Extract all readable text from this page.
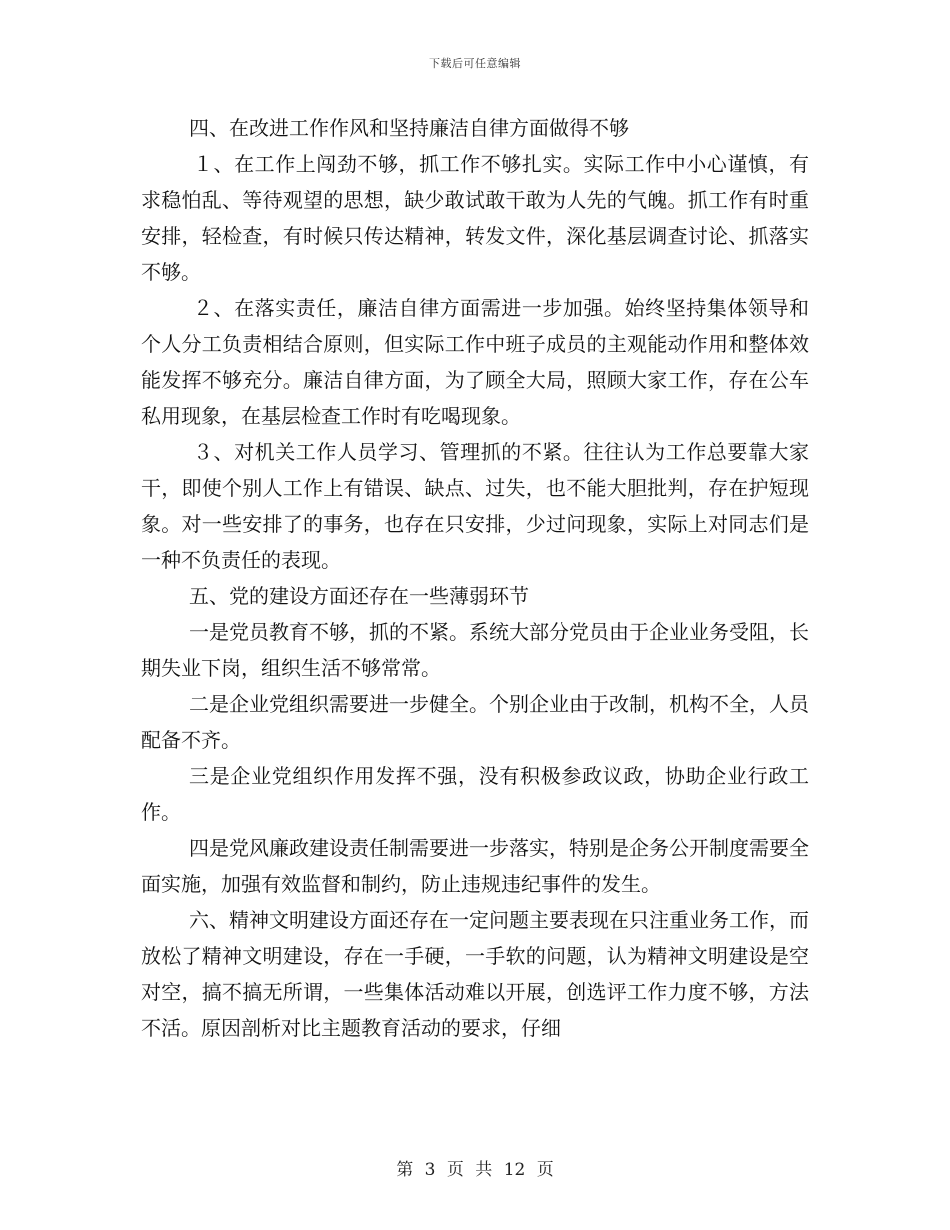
下载后可任意编辑

四、在改进工作作风和坚持廉洁自律方面做得不够

１、在工作上闯劲不够，抓工作不够扎实。实际工作中小心谨慎，有求稳怕乱、等待观望的思想，缺少敢试敢干敢为人先的气魄。抓工作有时重安排，轻检查，有时候只传达精神，转发文件，深化基层调查讨论、抓落实不够。

２、在落实责任，廉洁自律方面需进一步加强。始终坚持集体领导和个人分工负责相结合原则，但实际工作中班子成员的主观能动作用和整体效能发挥不够充分。廉洁自律方面，为了顾全大局，照顾大家工作，存在公车私用现象，在基层检查工作时有吃喝现象。

３、对机关工作人员学习、管理抓的不紧。往往认为工作总要靠大家干，即使个别人工作上有错误、缺点、过失，也不能大胆批判，存在护短现象。对一些安排了的事务，也存在只安排，少过问现象，实际上对同志们是一种不负责任的表现。

五、党的建设方面还存在一些薄弱环节

一是党员教育不够，抓的不紧。系统大部分党员由于企业业务受阻，长期失业下岗，组织生活不够常常。

二是企业党组织需要进一步健全。个别企业由于改制，机构不全，人员配备不齐。

三是企业党组织作用发挥不强，没有积极参政议政，协助企业行政工作。

四是党风廉政建设责任制需要进一步落实，特别是企务公开制度需要全面实施，加强有效监督和制约，防止违规违纪事件的发生。

六、精神文明建设方面还存在一定问题主要表现在只注重业务工作，而放松了精神文明建设，存在一手硬，一手软的问题，认为精神文明建设是空对空，搞不搞无所谓，一些集体活动难以开展，创选评工作力度不够，方法不活。原因剖析对比主题教育活动的要求，仔细

第 3 页 共 12 页
